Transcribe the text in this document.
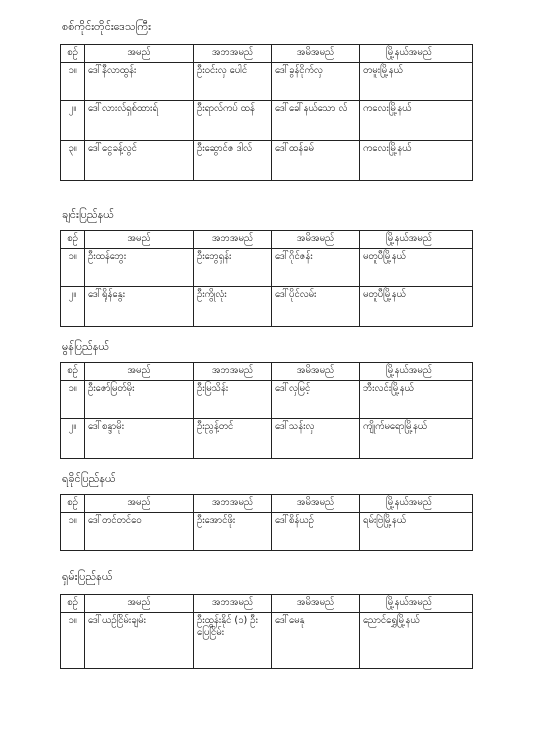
စစ်ကိုင်းတိုင်းဒေသကြီး
စဉ်	အမည်	အဘအမည်	အမိအမည်	မြို့နယ်အမည်
၁။	ဒေါ်နီလာထွန်း	ဦးဝင်းလှ ပေါင်	ဒေါ်ခွန်ငိုက်လှ	တမူးမြို့နယ်
၂။	ဒေါ်လားလ်ရှစ်ထားရ်	ဦးရာလ်ကပ် ထန်	ဒေါ်ခေါ်နယ်သော လ်	ကလေးမြို့နယ်
၃။	ဒေါ်ငွေခန့်လွင်	ဦးဆွောင်ဇ ဒါလ်	ဒေါ်ထန်ခမ်	ကလေးမြို့နယ်
ချင်းပြည်နယ်
စဉ်	အမည်	အဘအမည်	အမိအမည်	မြို့နယ်အမည်
၁။	ဦးထန်ဘွေး	ဦးဘွေရှန်း	ဒေါ်ဂိုင်ဇန်း	မတူပီမြို့နယ်
၂။	ဒေါ်ရိုန်နွေး	ဦးကွိုလုံး	ဒေါ်ပိုင်လမ်း	မတူပီမြို့နယ်
မွန်ပြည်နယ်
စဉ်	အမည်	အဘအမည်	အမိအမည်	မြို့နယ်အမည်
၁။	ဦးဇော်မြတ်မိုး	ဦးမြသိန်း	ဒေါ်လှမြင့်	ဘီးလင်းမြို့နယ်
၂။	ဒေါ်စန္ဒာမိုး	ဦးညွန့်တင်	ဒေါ်သန်းလှ	ကျိုက်မရောမြို့နယ်
ရခိုင်ပြည်နယ်
စဉ်	အမည်	အဘအမည်	အမိအမည်	မြို့နယ်အမည်
၁။	ဒေါ်တင်တင်ဝေ	ဦးအောင်ဖိုး	ဒေါ်စိန်ယဉ်	ရမ်းဗြဲမြို့နယ်
ရှမ်းပြည်နယ်
စဉ်	အမည်	အဘအမည်	အမိအမည်	မြို့နယ်အမည်
၁။	ဒေါ်ယဉ်ငြိမ်းချမ်း	ဦးထွန်းနိုင် (၁) ဦးပြေငြိမ်း	ဒေါ်မေနု	ညောင်ရွှေမြို့နယ်
